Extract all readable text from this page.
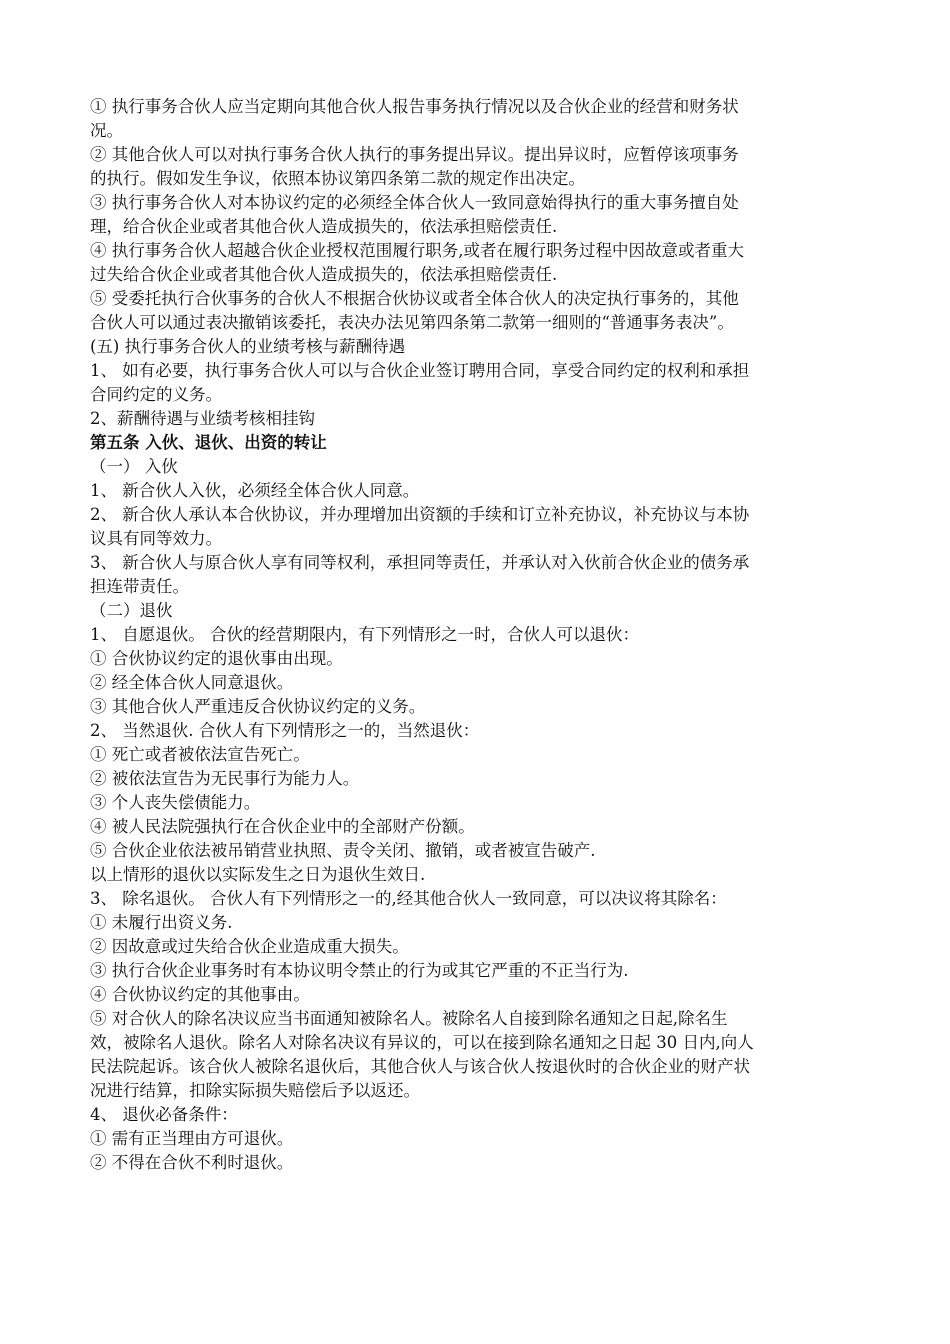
① 执行事务合伙人应当定期向其他合伙人报告事务执行情况以及合伙企业的经营和财务状
况。
② 其他合伙人可以对执行事务合伙人执行的事务提出异议。提出异议时，应暂停该项事务
的执行。假如发生争议，依照本协议第四条第二款的规定作出决定。
③ 执行事务合伙人对本协议约定的必须经全体合伙人一致同意始得执行的重大事务擅自处
理，给合伙企业或者其他合伙人造成损失的，依法承担赔偿责任.
④ 执行事务合伙人超越合伙企业授权范围履行职务,或者在履行职务过程中因故意或者重大
过失给合伙企业或者其他合伙人造成损失的，依法承担赔偿责任.
⑤ 受委托执行合伙事务的合伙人不根据合伙协议或者全体合伙人的决定执行事务的，其他
合伙人可以通过表决撤销该委托，表决办法见第四条第二款第一细则的“普通事务表决”。
(五) 执行事务合伙人的业绩考核与薪酬待遇
1、 如有必要，执行事务合伙人可以与合伙企业签订聘用合同，享受合同约定的权利和承担
合同约定的义务。
2、薪酬待遇与业绩考核相挂钩
第五条 入伙、退伙、出资的转让
（一） 入伙
1、 新合伙人入伙，必须经全体合伙人同意。
2、 新合伙人承认本合伙协议，并办理增加出资额的手续和订立补充协议，补充协议与本协
议具有同等效力。
3、 新合伙人与原合伙人享有同等权利，承担同等责任，并承认对入伙前合伙企业的债务承
担连带责任。
（二）退伙
1、 自愿退伙。 合伙的经营期限内，有下列情形之一时，合伙人可以退伙：
① 合伙协议约定的退伙事由出现。
② 经全体合伙人同意退伙。
③ 其他合伙人严重违反合伙协议约定的义务。
2、 当然退伙. 合伙人有下列情形之一的，当然退伙：
① 死亡或者被依法宣告死亡。
② 被依法宣告为无民事行为能力人。
③ 个人丧失偿债能力。
④ 被人民法院强执行在合伙企业中的全部财产份额。
⑤ 合伙企业依法被吊销营业执照、责令关闭、撤销，或者被宣告破产.
以上情形的退伙以实际发生之日为退伙生效日.
3、 除名退伙。 合伙人有下列情形之一的,经其他合伙人一致同意，可以决议将其除名：
① 未履行出资义务.
② 因故意或过失给合伙企业造成重大损失。
③ 执行合伙企业事务时有本协议明令禁止的行为或其它严重的不正当行为.
④ 合伙协议约定的其他事由。
⑤ 对合伙人的除名决议应当书面通知被除名人。被除名人自接到除名通知之日起,除名生
效，被除名人退伙。除名人对除名决议有异议的，可以在接到除名通知之日起 30 日内,向人
民法院起诉。该合伙人被除名退伙后，其他合伙人与该合伙人按退伙时的合伙企业的财产状
况进行结算，扣除实际损失赔偿后予以返还。
4、 退伙必备条件：
① 需有正当理由方可退伙。
② 不得在合伙不利时退伙。
